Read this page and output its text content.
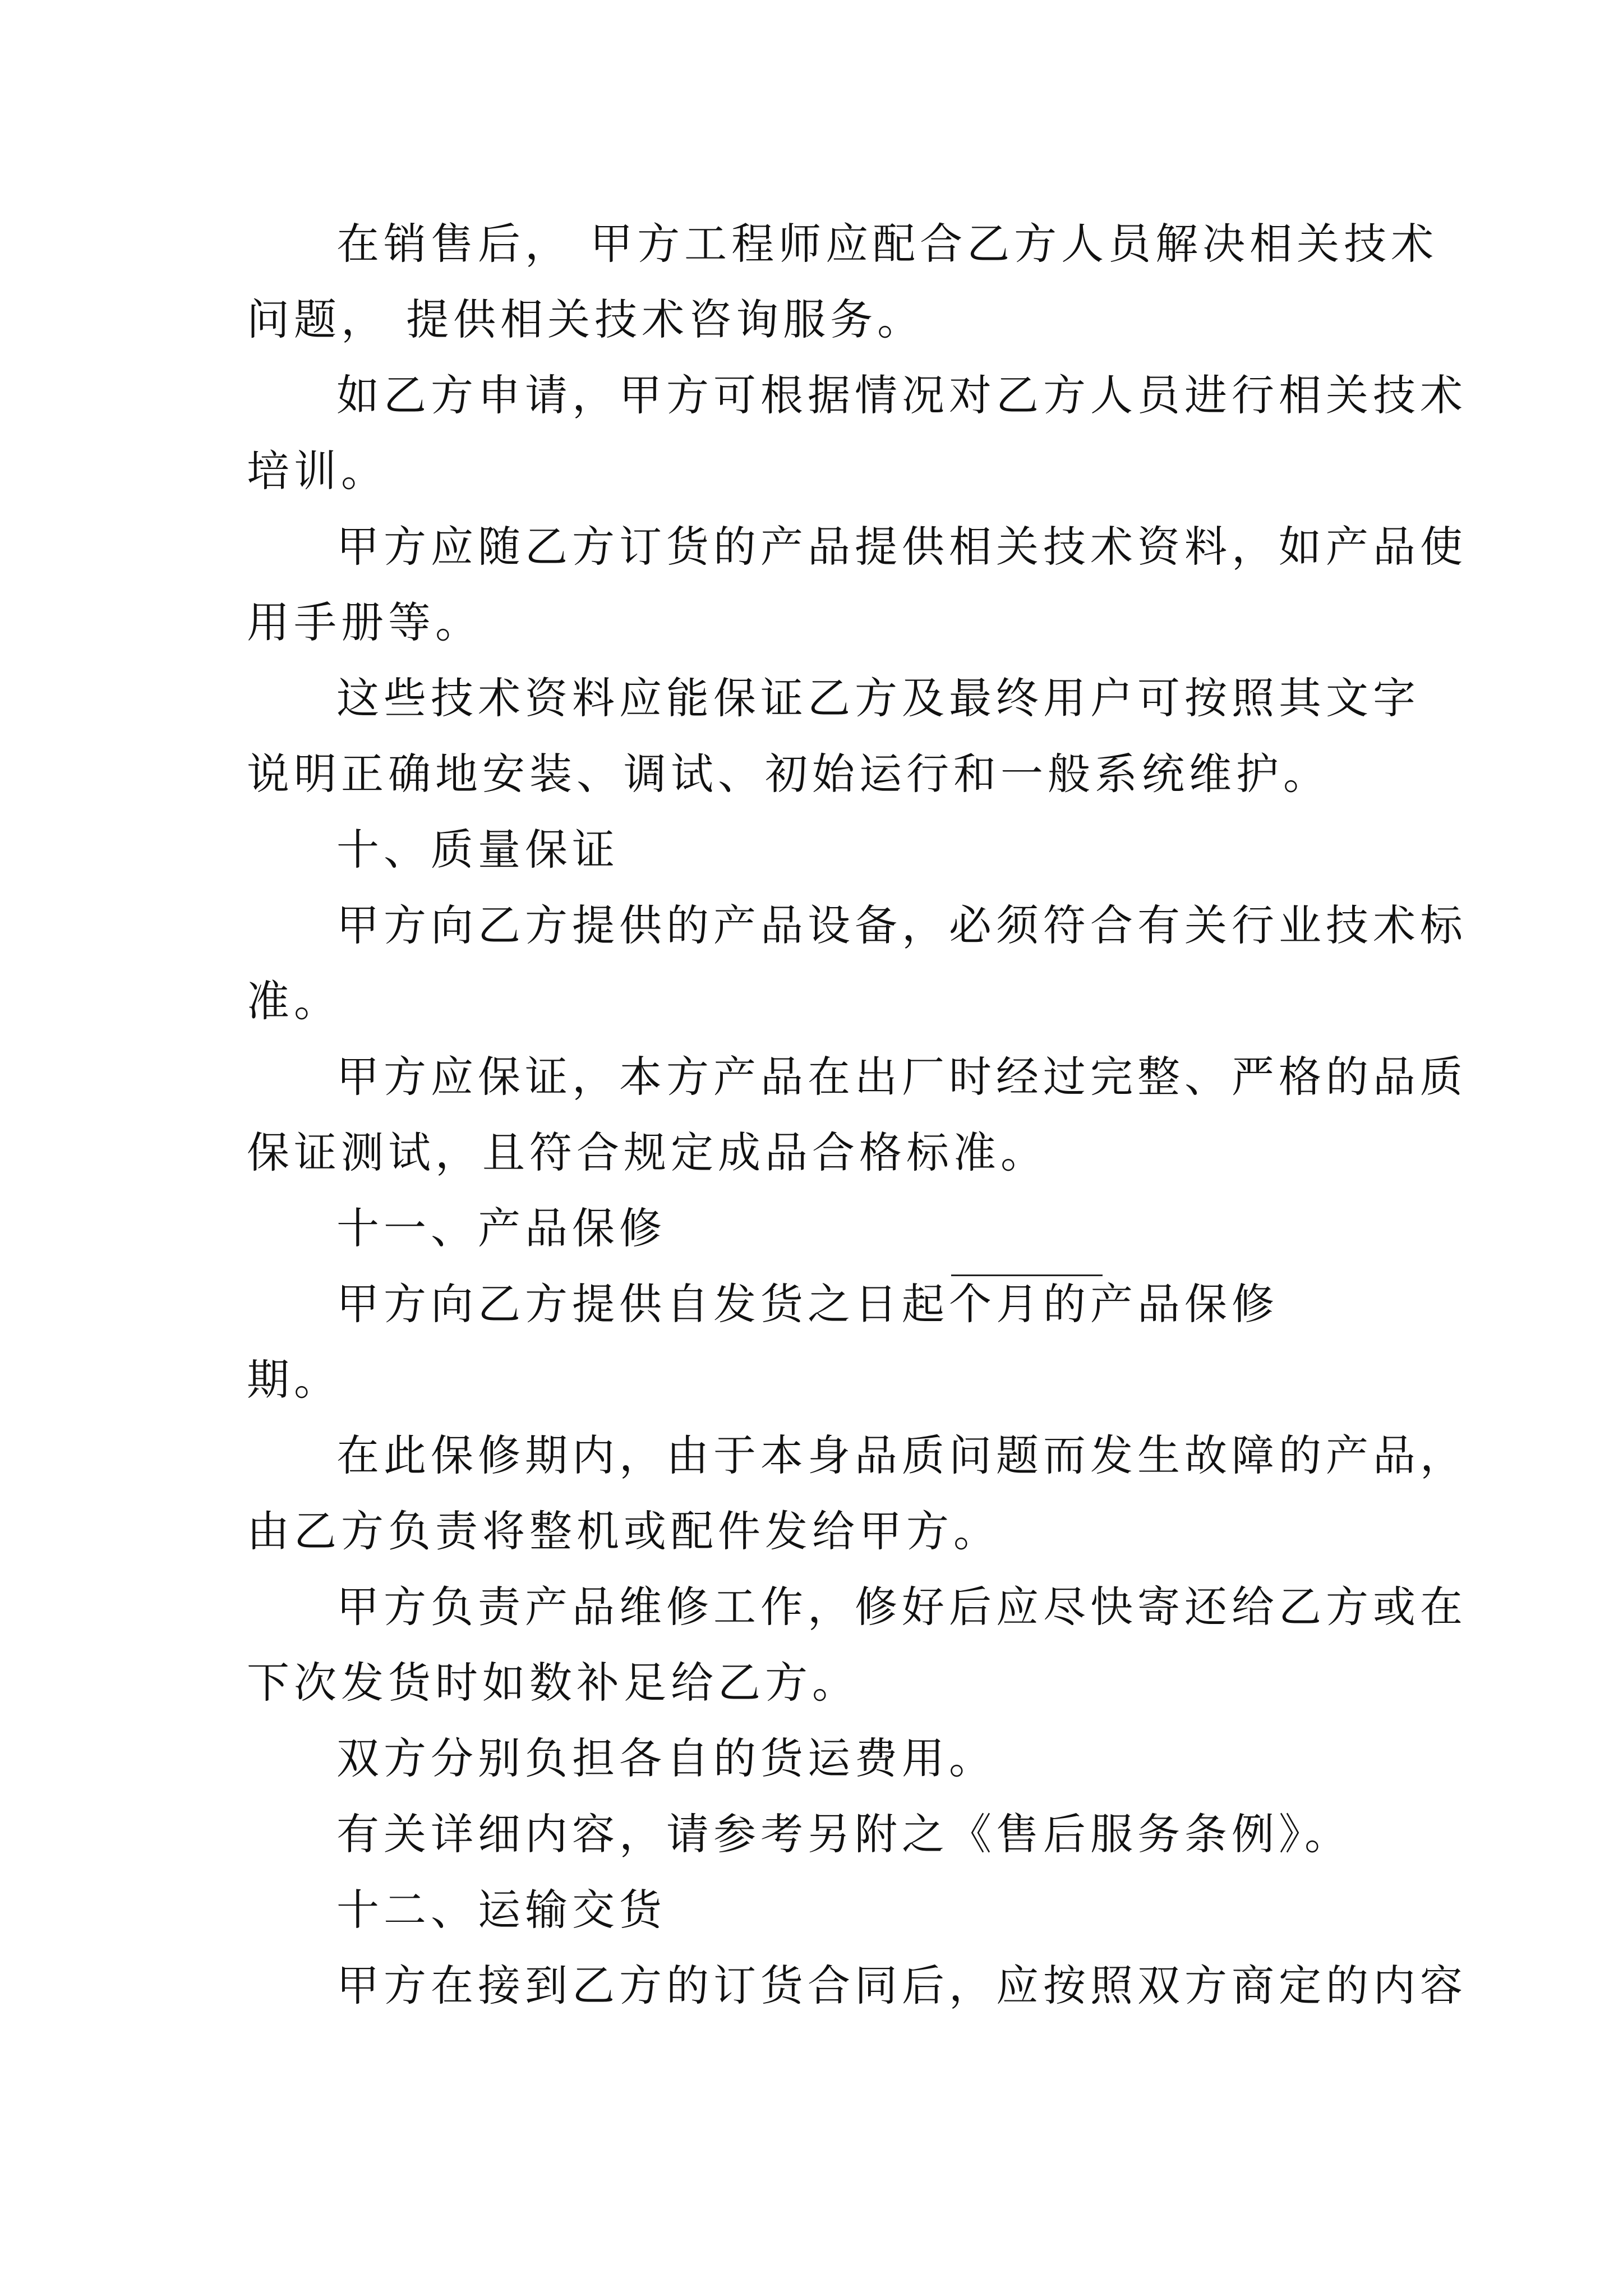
在销售后， 甲方工程师应配合乙方人员解决相关技术
问题， 提供相关技术咨询服务。
如乙方申请，甲方可根据情况对乙方人员进行相关技术
培训。
甲方应随乙方订货的产品提供相关技术资料，如产品使
用手册等。
这些技术资料应能保证乙方及最终用户可按照其文字
说明正确地安装、调试、初始运行和一般系统维护。
十、质量保证
甲方向乙方提供的产品设备，必须符合有关行业技术标
准。
甲方应保证，本方产品在出厂时经过完整、严格的品质
保证测试，且符合规定成品合格标准。
十一、产品保修
甲方向乙方提供自发货之日起
个月的产品保修
期。
在此保修期内，由于本身品质问题而发生故障的产品，
由乙方负责将整机或配件发给甲方。
甲方负责产品维修工作，修好后应尽快寄还给乙方或在
下次发货时如数补足给乙方。
双方分别负担各自的货运费用。
有关详细内容，请参考另附之《售后服务条例》。
十二、运输交货
甲方在接到乙方的订货合同后，应按照双方商定的内容
